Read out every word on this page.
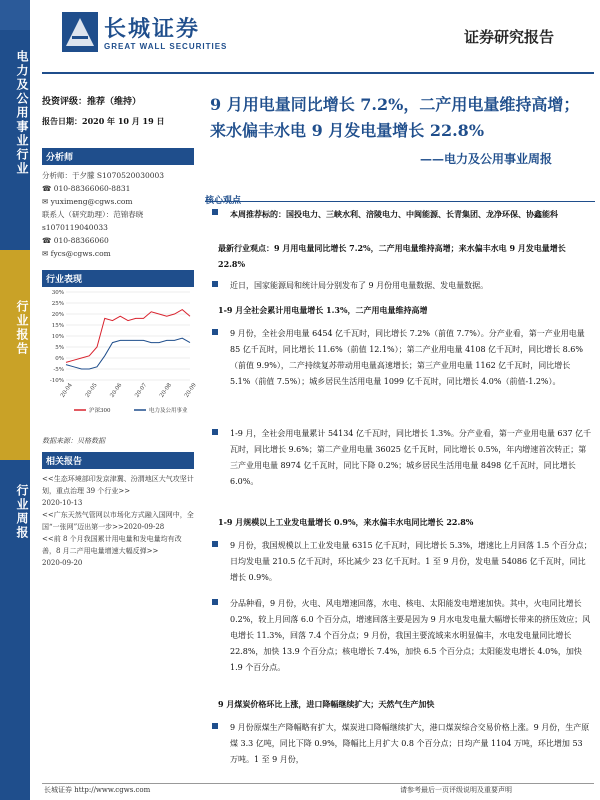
电力及公用事业行业
行业报告
行业周报
长城证券
GREAT WALL SECURITIES
证券研究报告
投资评级：推荐（维持）
报告日期：2020 年 10 月 19 日
分析师
分析师：于夕朦 S1070520030003
☎ 010-88366060-8831
✉ yuximeng@cgws.com
联系人（研究助理）：范锦春晓
s1070119040033
☎ 010-88366060
✉ fycs@cgws.com
行业表现
30%
25%
20%
15%
10%
5%
0%
-5%
-10%
20-04 20-05 20-06 20-07 20-08 20-09
沪深300	电力及公用事业
数据来源：贝格数据
相关报告
<<生态环境部印发京津冀、汾渭地区大气攻坚计划，重点治理 39 个行业>>
2020-10-13
<<广东天然气管网以市场化方式融入国网中，全国“一张网”迈出第一步>>2020-09-28
<<前 8 个月我国累计用电量和发电量均有改善，8 月二产用电量增速大幅反弹>>
2020-09-20
9 月用电量同比增长 7.2%，二产用电量维持高增；来水偏丰水电 9 月发电量增长 22.8%
——电力及公用事业周报
核心观点
本周推荐标的：国投电力、三峡水利、涪陵电力、中闽能源、长青集团、龙净环保、协鑫能科
最新行业观点：9 月用电量同比增长 7.2%，二产用电量维持高增；来水偏丰水电 9 月发电量增长 22.8%
近日，国家能源局和统计局分别发布了 9 月份用电量数据、发电量数据。
1-9 月全社会累计用电量增长 1.3%，二产用电量维持高增
9 月份，全社会用电量 6454 亿千瓦时，同比增长 7.2%（前值 7.7%）。分产业看，第一产业用电量 85 亿千瓦时，同比增长 11.6%（前值 12.1%）；第二产业用电量 4108 亿千瓦时，同比增长 8.6%（前值 9.9%），二产持续复苏带动用电量高速增长；第三产业用电量 1162 亿千瓦时，同比增长 5.1%（前值 7.5%）；城乡居民生活用电量 1099 亿千瓦时，同比增长 4.0%（前值-1.2%）。
1-9 月，全社会用电量累计 54134 亿千瓦时，同比增长 1.3%。分产业看，第一产业用电量 637 亿千瓦时，同比增长 9.6%；第二产业用电量 36025 亿千瓦时，同比增长 0.5%，年内增速首次转正；第三产业用电量 8974 亿千瓦时，同比下降 0.2%；城乡居民生活用电量 8498 亿千瓦时，同比增长 6.0%。
1-9 月规模以上工业发电量增长 0.9%，来水偏丰水电同比增长 22.8%
9 月份，我国规模以上工业发电量 6315 亿千瓦时，同比增长 5.3%，增速比上月回落 1.5 个百分点；日均发电量 210.5 亿千瓦时，环比减少 23 亿千瓦时。1 至 9 月份，发电量 54086 亿千瓦时，同比增长 0.9%。
分品种看，9 月份，火电、风电增速回落，水电、核电、太阳能发电增速加快。其中，火电同比增长 0.2%，较上月回落 6.0 个百分点，增速回落主要是因为 9 月水电发电量大幅增长带来的挤压效应；风电增长 11.3%，回落 7.4 个百分点；9 月份，我国主要流域来水明显偏丰，水电发电量同比增长 22.8%，加快 13.9 个百分点；核电增长 7.4%，加快 6.5 个百分点；太阳能发电增长 4.0%，加快 1.9 个百分点。
9 月煤炭价格环比上涨，进口降幅继续扩大；天然气生产加快
9 月份原煤生产降幅略有扩大，煤炭进口降幅继续扩大，港口煤炭综合交易价格上涨。9 月份，生产原煤 3.3 亿吨，同比下降 0.9%，降幅比上月扩大 0.8 个百分点；日均产量 1104 万吨，环比增加 53 万吨。1 至 9 月份，
长城证券 http://www.cgws.com	请参考最后一页评级说明及重要声明
